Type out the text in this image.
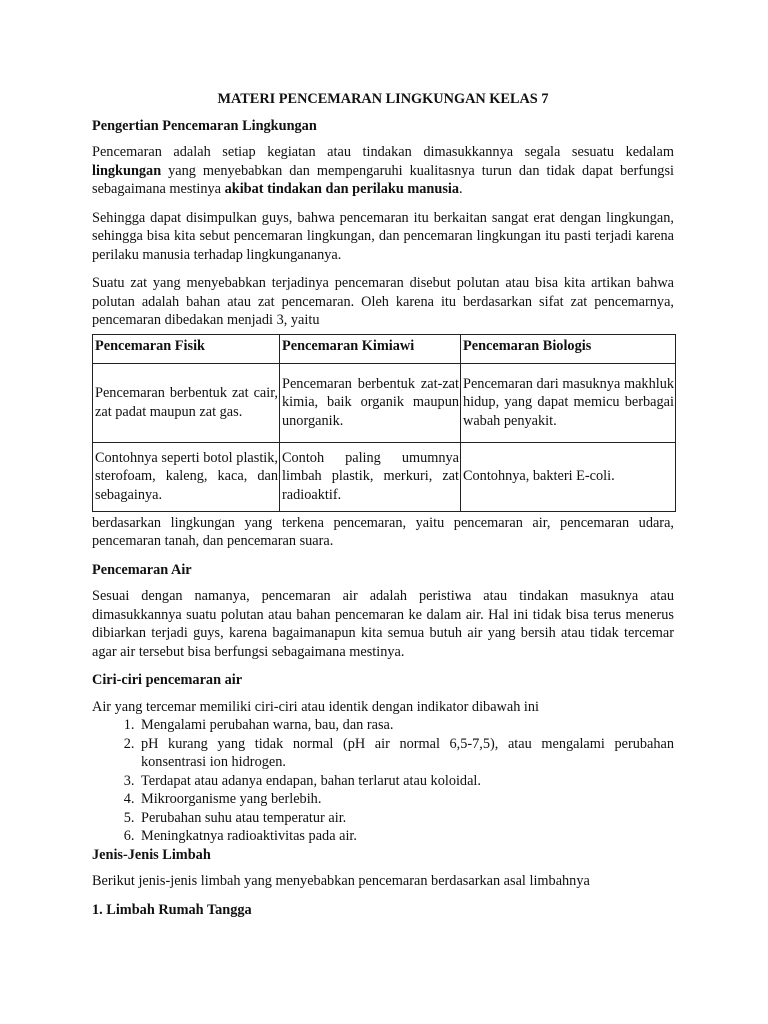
MATERI PENCEMARAN LINGKUNGAN KELAS 7
Pengertian Pencemaran Lingkungan

Pencemaran adalah setiap kegiatan atau tindakan dimasukkannya segala sesuatu kedalam lingkungan yang menyebabkan dan mempengaruhi kualitasnya turun dan tidak dapat berfungsi sebagaimana mestinya akibat tindakan dan perilaku manusia.

Sehingga dapat disimpulkan guys, bahwa pencemaran itu berkaitan sangat erat dengan lingkungan, sehingga bisa kita sebut pencemaran lingkungan, dan pencemaran lingkungan itu pasti terjadi karena perilaku manusia terhadap lingkungananya.

Suatu zat yang menyebabkan terjadinya pencemaran disebut polutan atau bisa kita artikan bahwa polutan adalah bahan atau zat pencemaran. Oleh karena itu berdasarkan sifat zat pencemarnya, pencemaran dibedakan menjadi 3, yaitu

Pencemaran Fisik	Pencemaran Kimiawi	Pencemaran Biologis
Pencemaran berbentuk zat cair, zat padat maupun zat gas.	Pencemaran berbentuk zat-zat kimia, baik organik maupun unorganik.	Pencemaran dari masuknya makhluk hidup, yang dapat memicu berbagai wabah penyakit.
Contohnya seperti botol plastik, sterofoam, kaleng, kaca, dan sebagainya.	Contoh paling umumnya limbah plastik, merkuri, zat radioaktif.	Contohnya, bakteri E-coli.

berdasarkan lingkungan yang terkena pencemaran, yaitu pencemaran air, pencemaran udara, pencemaran tanah, dan pencemaran suara.

Pencemaran Air

Sesuai dengan namanya, pencemaran air adalah peristiwa atau tindakan masuknya atau dimasukkannya suatu polutan atau bahan pencemaran ke dalam air. Hal ini tidak bisa terus menerus dibiarkan terjadi guys, karena bagaimanapun kita semua butuh air yang bersih atau tidak tercemar agar air tersebut bisa berfungsi sebagaimana mestinya.

Ciri-ciri pencemaran air

Air yang tercemar memiliki ciri-ciri atau identik dengan indikator dibawah ini

1. Mengalami perubahan warna, bau, dan rasa.
2. pH kurang yang tidak normal (pH air normal 6,5-7,5), atau mengalami perubahan konsentrasi ion hidrogen.
3. Terdapat atau adanya endapan, bahan terlarut atau koloidal.
4. Mikroorganisme yang berlebih.
5. Perubahan suhu atau temperatur air.
6. Meningkatnya radioaktivitas pada air.
Jenis-Jenis Limbah

Berikut jenis-jenis limbah yang menyebabkan pencemaran berdasarkan asal limbahnya

1. Limbah Rumah Tangga
